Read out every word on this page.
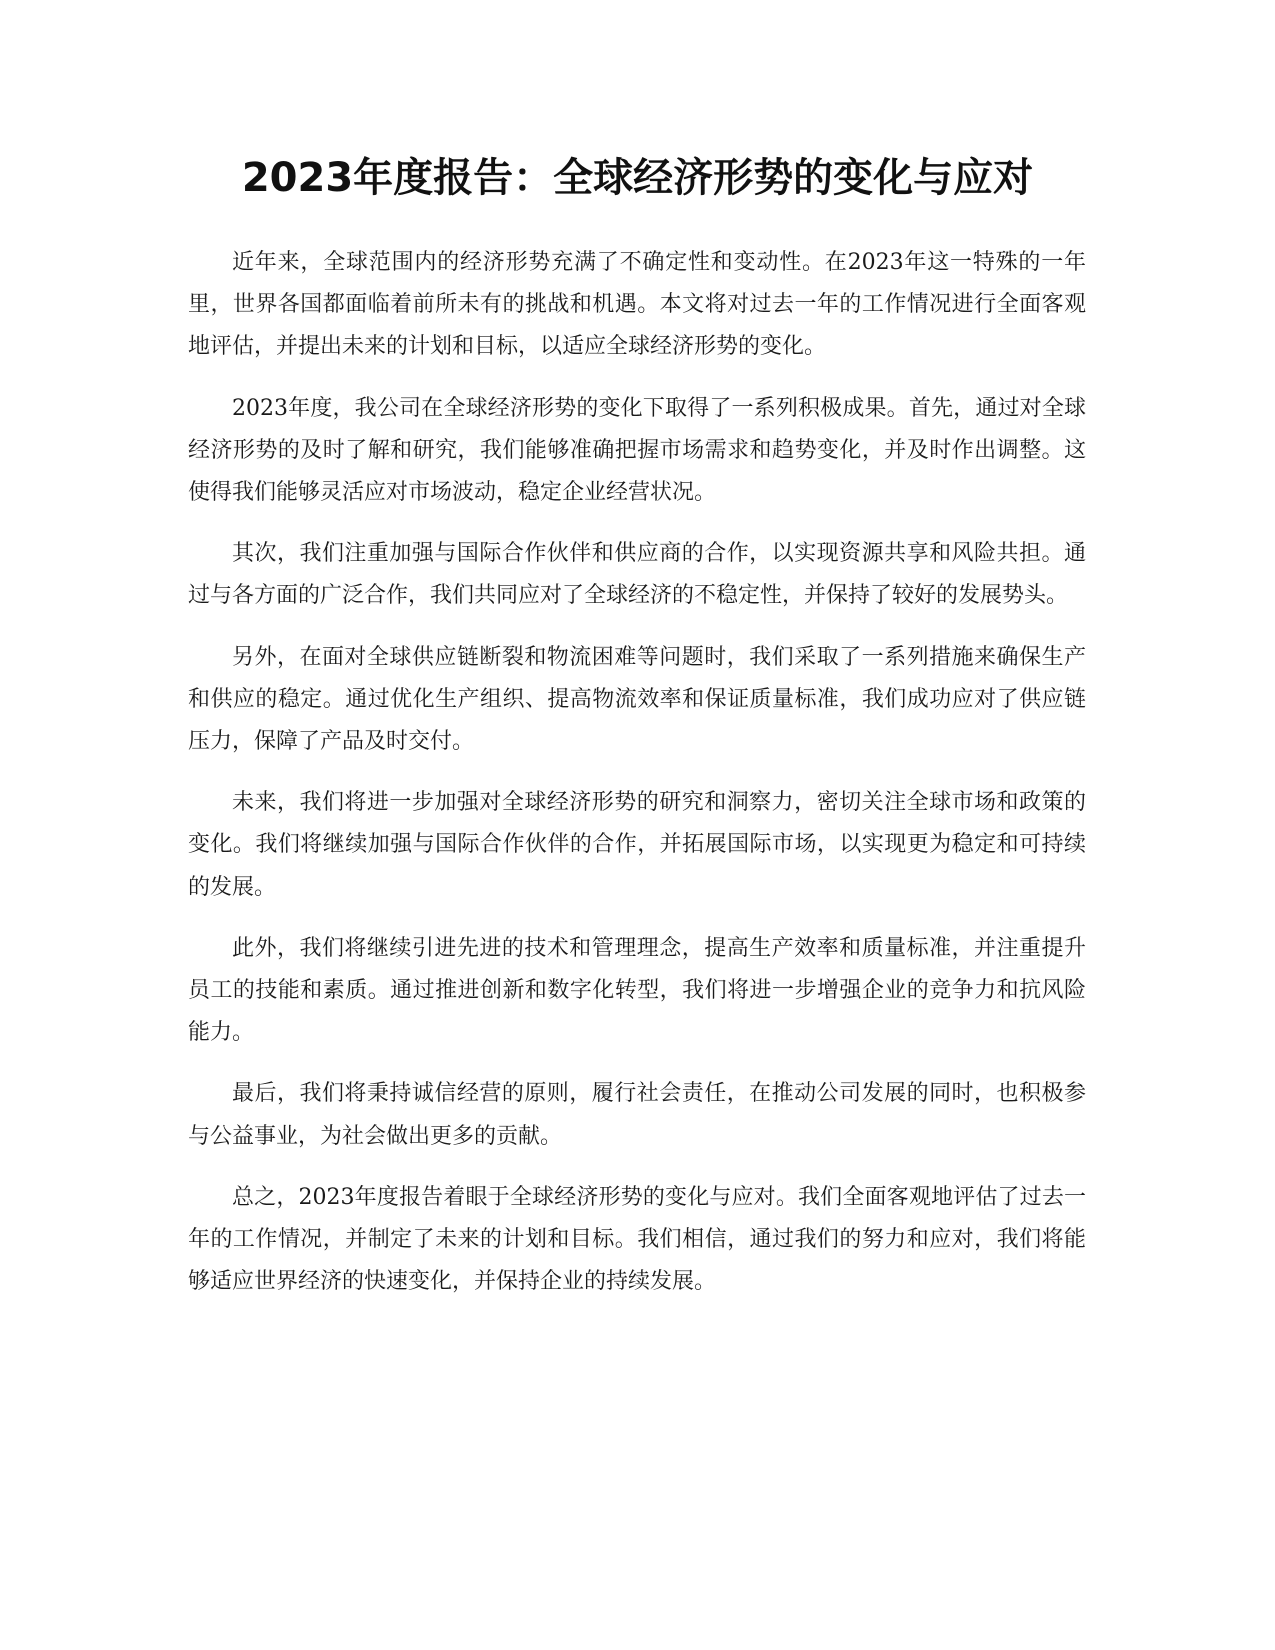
2023年度报告：全球经济形势的变化与应对

近年来，全球范围内的经济形势充满了不确定性和变动性。在2023年这一特殊的一年里，世界各国都面临着前所未有的挑战和机遇。本文将对过去一年的工作情况进行全面客观地评估，并提出未来的计划和目标，以适应全球经济形势的变化。

2023年度，我公司在全球经济形势的变化下取得了一系列积极成果。首先，通过对全球经济形势的及时了解和研究，我们能够准确把握市场需求和趋势变化，并及时作出调整。这使得我们能够灵活应对市场波动，稳定企业经营状况。

其次，我们注重加强与国际合作伙伴和供应商的合作，以实现资源共享和风险共担。通过与各方面的广泛合作，我们共同应对了全球经济的不稳定性，并保持了较好的发展势头。

另外，在面对全球供应链断裂和物流困难等问题时，我们采取了一系列措施来确保生产和供应的稳定。通过优化生产组织、提高物流效率和保证质量标准，我们成功应对了供应链压力，保障了产品及时交付。

未来，我们将进一步加强对全球经济形势的研究和洞察力，密切关注全球市场和政策的变化。我们将继续加强与国际合作伙伴的合作，并拓展国际市场，以实现更为稳定和可持续的发展。

此外，我们将继续引进先进的技术和管理理念，提高生产效率和质量标准，并注重提升员工的技能和素质。通过推进创新和数字化转型，我们将进一步增强企业的竞争力和抗风险能力。

最后，我们将秉持诚信经营的原则，履行社会责任，在推动公司发展的同时，也积极参与公益事业，为社会做出更多的贡献。

总之，2023年度报告着眼于全球经济形势的变化与应对。我们全面客观地评估了过去一年的工作情况，并制定了未来的计划和目标。我们相信，通过我们的努力和应对，我们将能够适应世界经济的快速变化，并保持企业的持续发展。
